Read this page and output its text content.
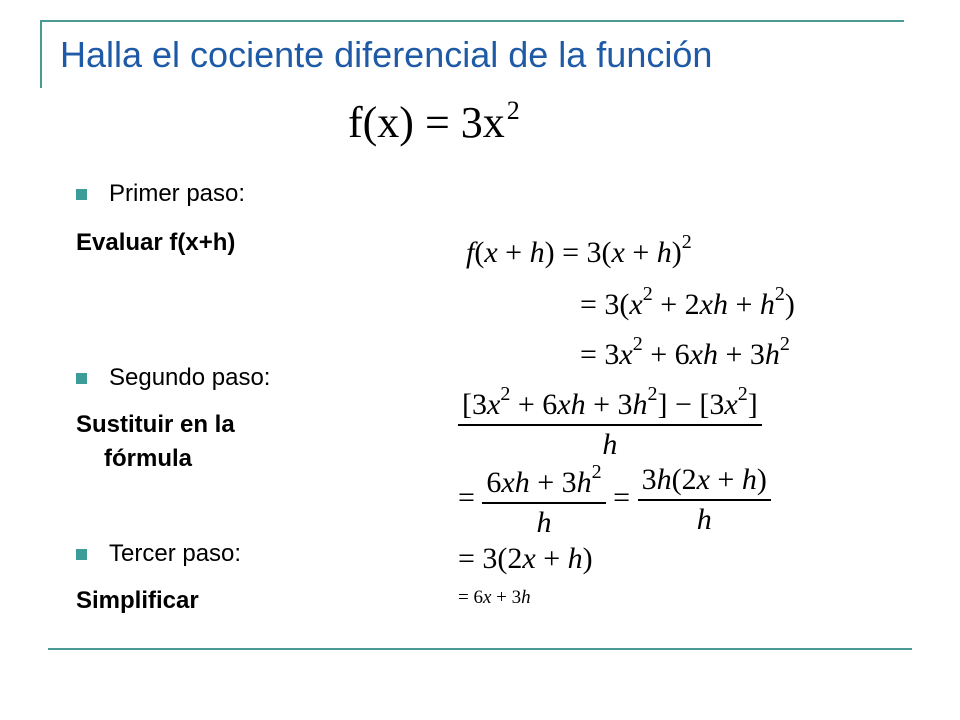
Halla el cociente diferencial de la función
$f(x) = 3x^2$
Primer paso:
Evaluar f(x+h)
Segundo paso:
Sustituir en la
fórmula
Tercer paso:
Simplificar
$f(x + h) = 3(x + h)^2$
= $3(x^2 + 2xh + h^2)$
= $3x^2 + 6xh + 3h^2$
$\frac{[3x^2 + 6xh + 3h^2] - [3x^2]}{h}$
= $\frac{6xh + 3h^2}{h} = \frac{3h(2x + h)}{h}$
= 3(2x + h)
= 6x + 3h
